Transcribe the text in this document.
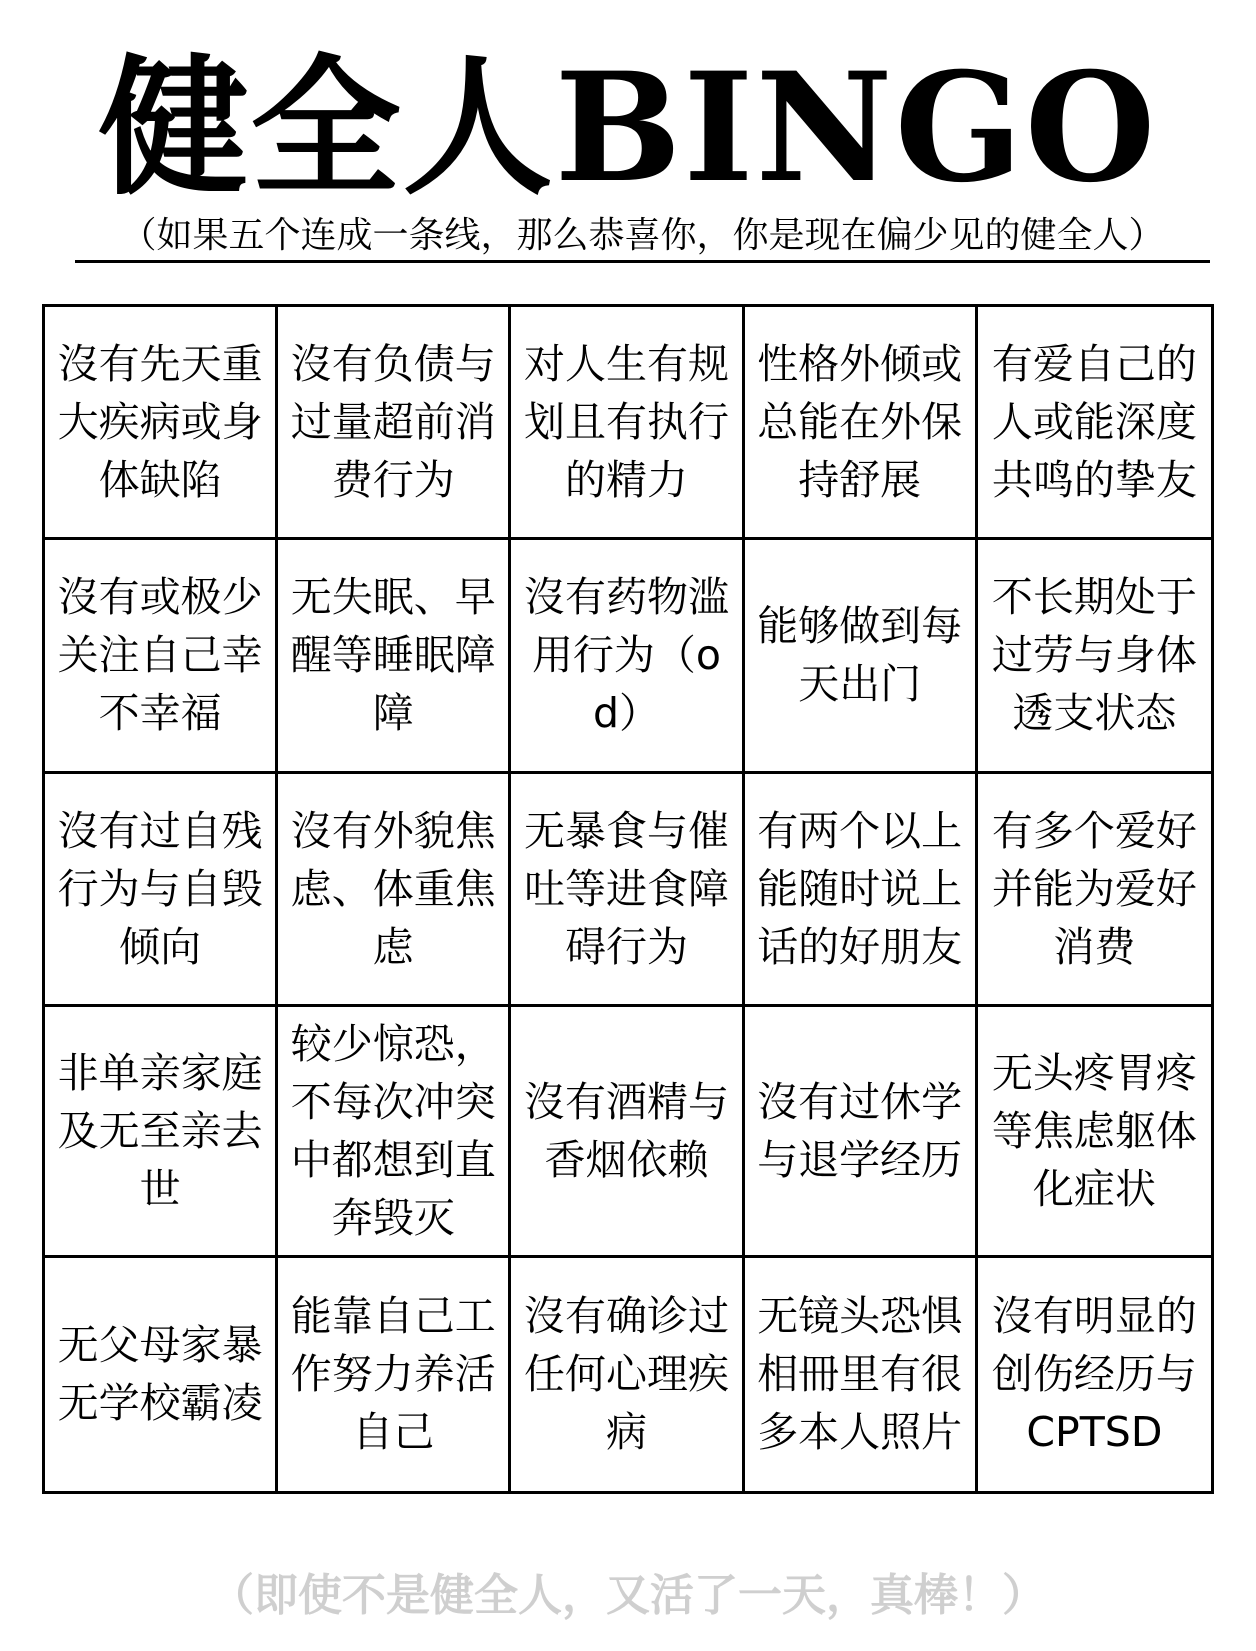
健全人BINGO
（如果五个连成一条线，那么恭喜你，你是现在偏少见的健全人）
沒有先天重大疾病或身体缺陷
沒有负债与过量超前消费行为
对人生有规划且有执行的精力
性格外倾或总能在外保持舒展
有爱自己的人或能深度共鸣的挚友
沒有或极少关注自己幸不幸福
无失眠、早醒等睡眠障障
沒有药物滥用行为（od）
能够做到每天出门
不长期处于过劳与身体透支状态
沒有过自残行为与自毁倾向
沒有外貌焦虑、体重焦虑
无暴食与催吐等进食障碍行为
有两个以上能随时说上话的好朋友
有多个爱好并能为爱好消费
非单亲家庭及无至亲去世
较少惊恐，不每次冲突中都想到直奔毁灭
沒有酒精与香烟依赖
沒有过休学与退学经历
无头疼胃疼等焦虑躯体化症状
无父母家暴无学校霸凌
能靠自己工作努力养活自己
沒有确诊过任何心理疾病
无镜头恐惧相冊里有很多本人照片
沒有明显的创伤经历与CPTSD
（即使不是健全人，又活了一天，真棒！）
